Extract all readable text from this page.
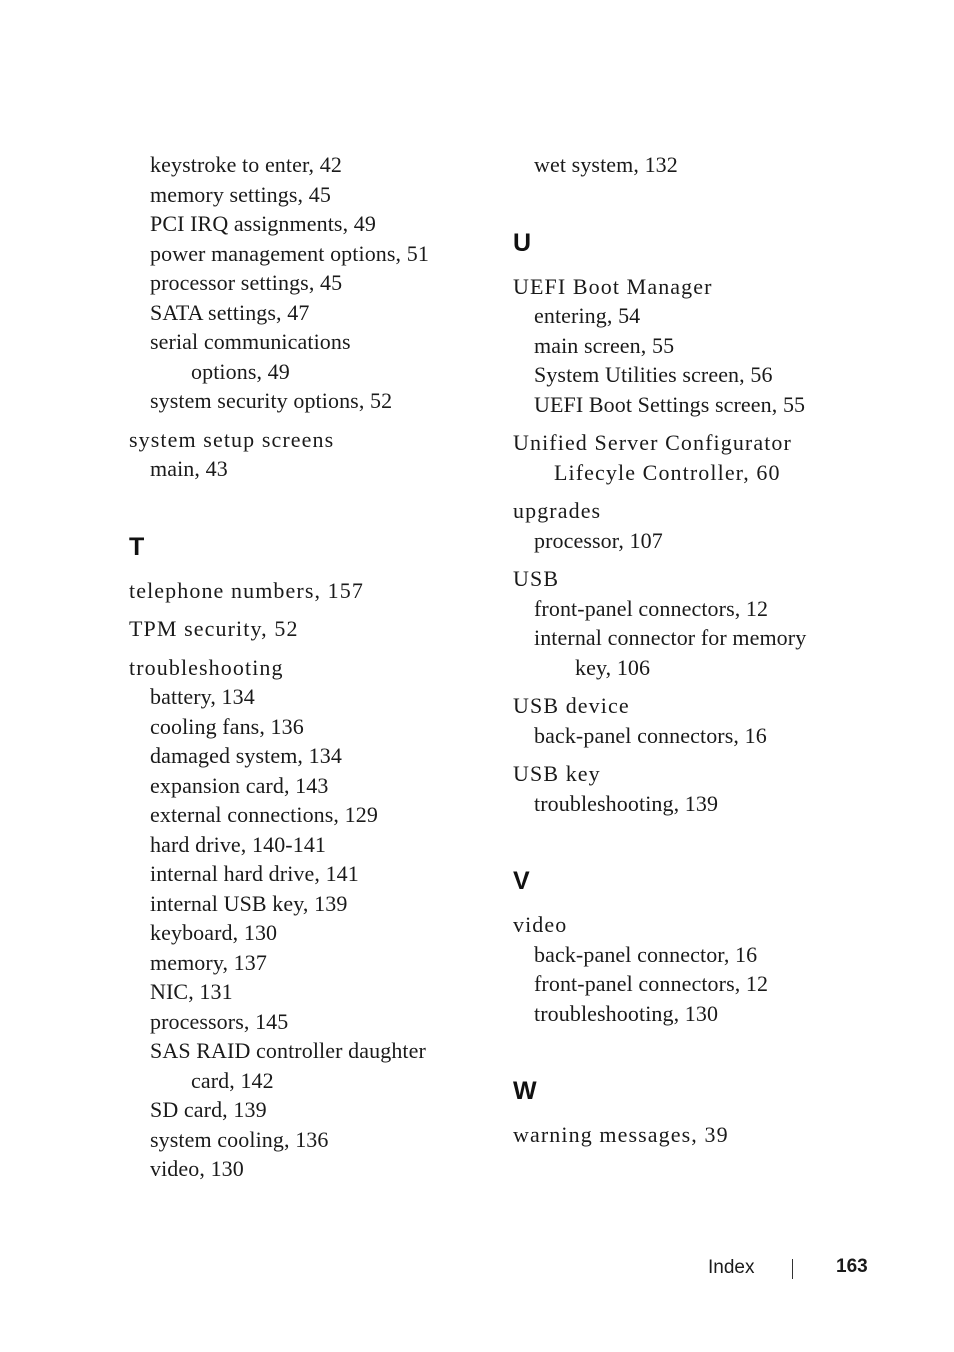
keystroke to enter, 42
memory settings, 45
PCI IRQ assignments, 49
power management options, 51
processor settings, 45
SATA settings, 47
serial communications
options, 49
system security options, 52
system setup screens
main, 43
T
telephone numbers, 157
TPM security, 52
troubleshooting
battery, 134
cooling fans, 136
damaged system, 134
expansion card, 143
external connections, 129
hard drive, 140-141
internal hard drive, 141
internal USB key, 139
keyboard, 130
memory, 137
NIC, 131
processors, 145
SAS RAID controller daughter
card, 142
SD card, 139
system cooling, 136
video, 130
wet system, 132
U
UEFI Boot Manager
entering, 54
main screen, 55
System Utilities screen, 56
UEFI Boot Settings screen, 55
Unified Server Configurator
Lifecyle Controller, 60
upgrades
processor, 107
USB
front-panel connectors, 12
internal connector for memory
key, 106
USB device
back-panel connectors, 16
USB key
troubleshooting, 139
V
video
back-panel connector, 16
front-panel connectors, 12
troubleshooting, 130
W
warning messages, 39
Index	163
